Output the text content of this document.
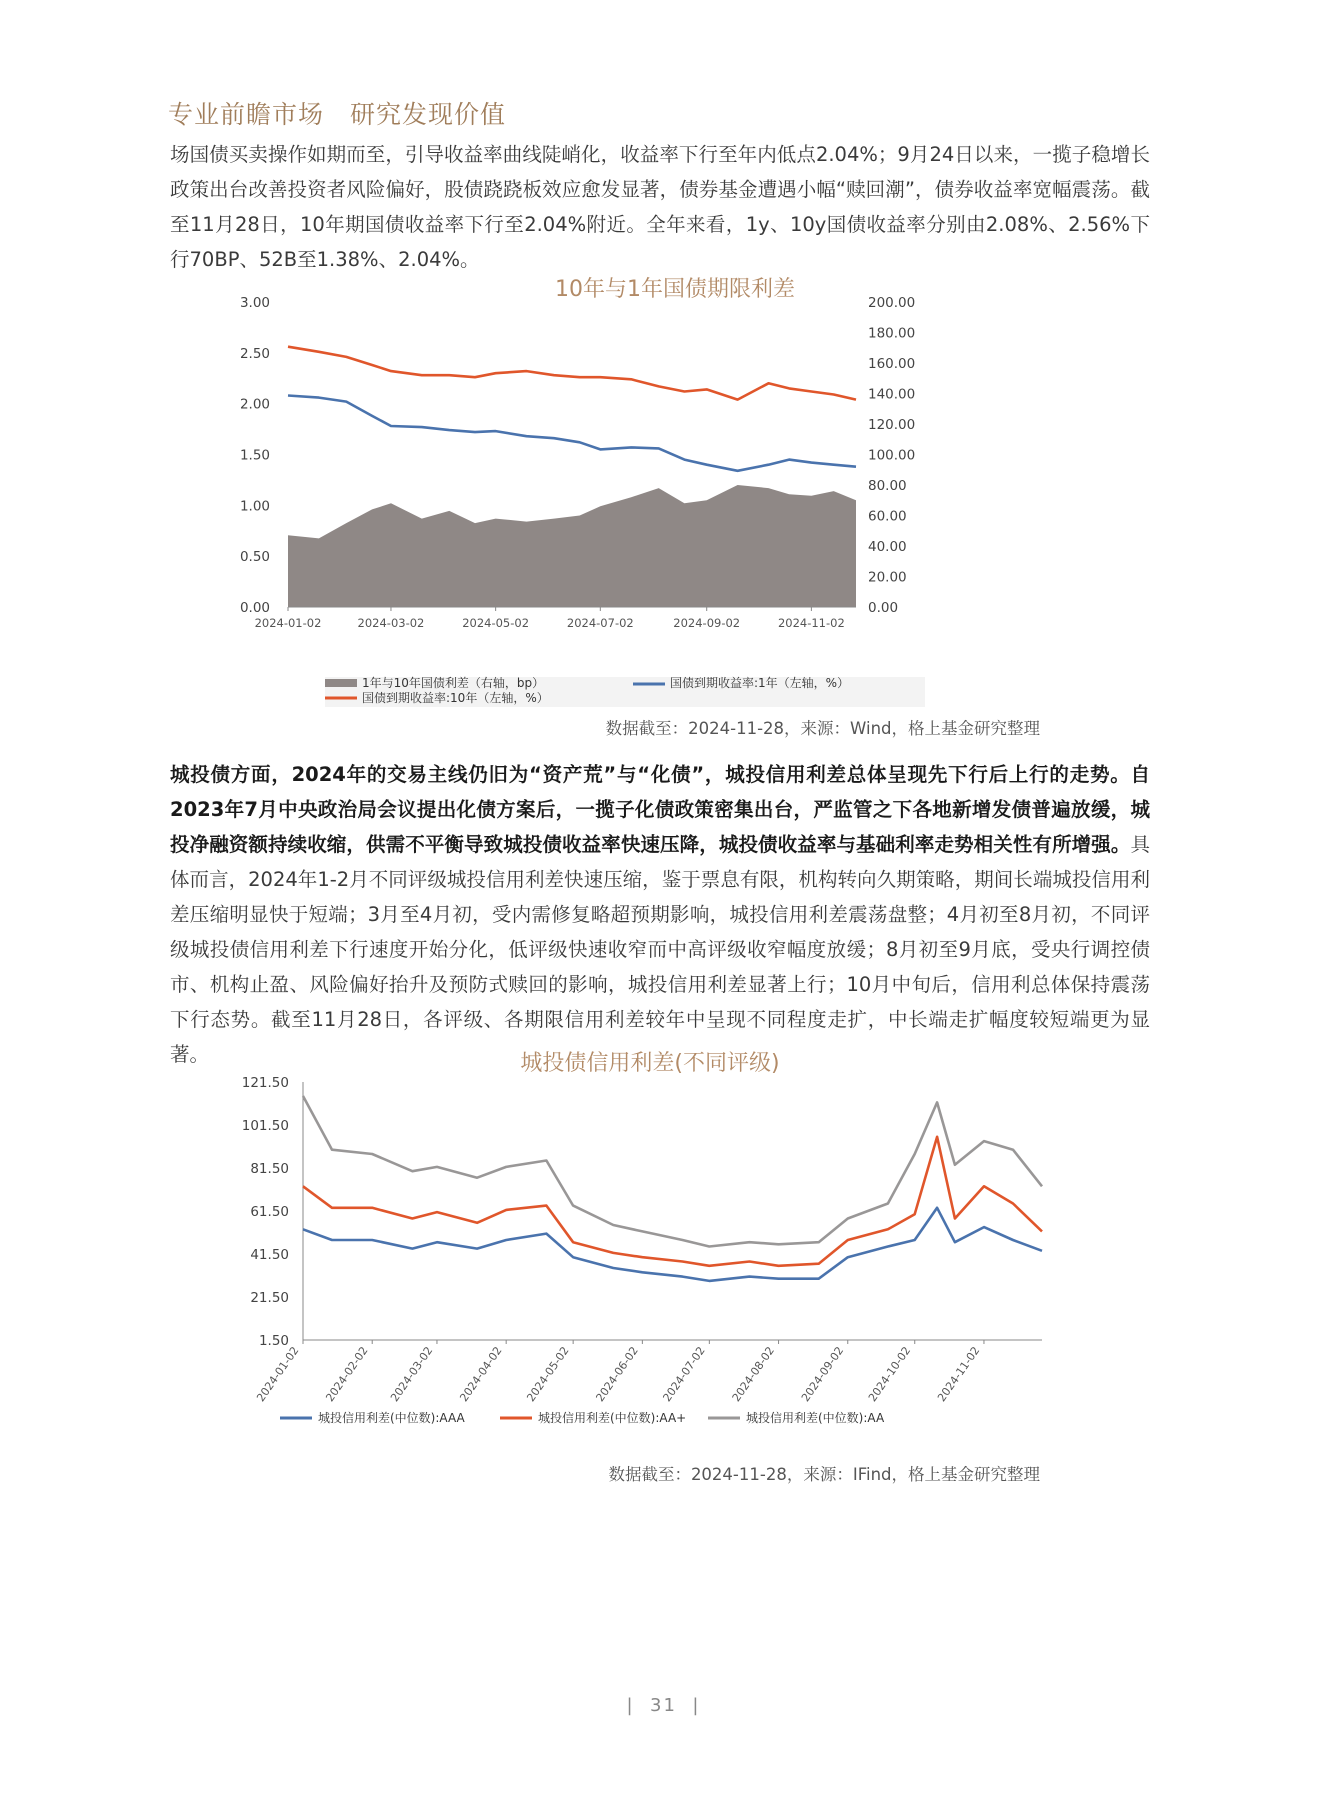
专业前瞻市场　研究发现价值
场国债买卖操作如期而至，引导收益率曲线陡峭化，收益率下行至年内低点2.04%；9月24日以来，一揽子稳增长政策出台改善投资者风险偏好，股债跷跷板效应愈发显著，债券基金遭遇小幅“赎回潮”，债券收益率宽幅震荡。截至11月28日，10年期国债收益率下行至2.04%附近。全年来看，1y、10y国债收益率分别由2.08%、2.56%下行70BP、52B至1.38%、2.04%。
10年与1年国债期限利差
3.00
2.50
2.00
1.50
1.00
0.50
0.00
200.00
180.00
160.00
140.00
120.00
100.00
80.00
60.00
40.00
20.00
0.00
2024-01-02	2024-03-02	2024-05-02	2024-07-02	2024-09-02	2024-11-02
1年与10年国债利差（右轴，bp）
国债到期收益率:10年（左轴，%）
国债到期收益率:1年（左轴，%）
数据截至：2024-11-28，来源：Wind，格上基金研究整理
城投债方面，2024年的交易主线仍旧为“资产荒”与“化债”，城投信用利差总体呈现先下行后上行的走势。自2023年7月中央政治局会议提出化债方案后，一揽子化债政策密集出台，严监管之下各地新增发债普遍放缓，城投净融资额持续收缩，供需不平衡导致城投债收益率快速压降，城投债收益率与基础利率走势相关性有所增强。具体而言，2024年1-2月不同评级城投信用利差快速压缩，鉴于票息有限，机构转向久期策略，期间长端城投信用利差压缩明显快于短端；3月至4月初，受内需修复略超预期影响，城投信用利差震荡盘整；4月初至8月初，不同评级城投债信用利差下行速度开始分化，低评级快速收窄而中高评级收窄幅度放缓；8月初至9月底，受央行调控债市、机构止盈、风险偏好抬升及预防式赎回的影响，城投信用利差显著上行；10月中旬后，信用利总体保持震荡下行态势。截至11月28日，各评级、各期限信用利差较年中呈现不同程度走扩，中长端走扩幅度较短端更为显著。	城投债信用利差(不同评级)
121.50
101.50
81.50
61.50
41.50
21.50
1.50
2024-01-02 2024-02-02 2024-03-02 2024-04-02 2024-05-02 2024-06-02 2024-07-02 2024-08-02 2024-09-02 2024-10-02 2024-11-02
城投信用利差(中位数):AAA	城投信用利差(中位数):AA+	城投信用利差(中位数):AA
数据截至：2024-11-28，来源：IFind，格上基金研究整理
|  31  |
